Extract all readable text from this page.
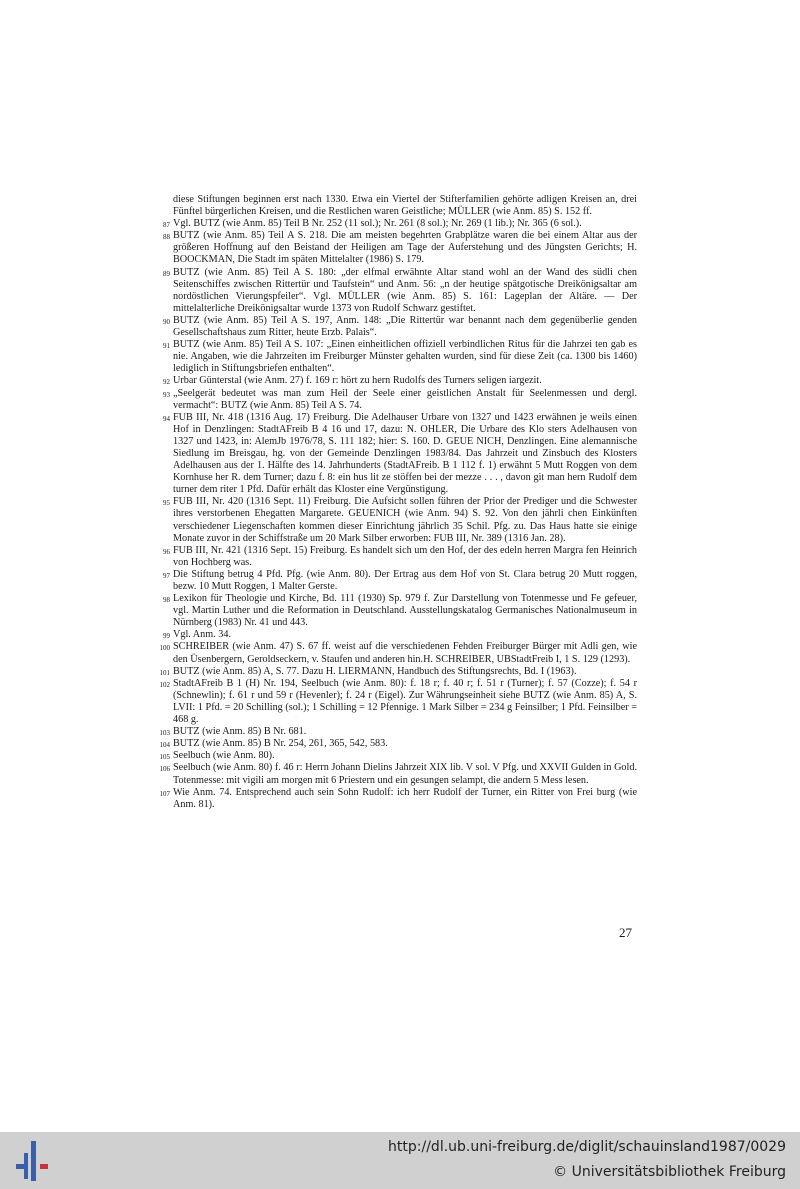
diese Stiftungen beginnen erst nach 1330. Etwa ein Viertel der Stifterfamilien gehörte adligen Kreisen an, drei Fünftel bürgerlichen Kreisen, und die Restlichen waren Geistliche; MÜLLER (wie Anm. 85) S. 152 ff.

87 Vgl. BUTZ (wie Anm. 85) Teil B Nr. 252 (11 sol.); Nr. 261 (8 sol.); Nr. 269 (1 lib.); Nr. 365 (6 sol.).

88 BUTZ (wie Anm. 85) Teil A S. 218. Die am meisten begehrten Grabplätze waren die bei einem Altar aus der größeren Hoffnung auf den Beistand der Heiligen am Tage der Auferstehung und des Jüngsten Gerichts; H. BOOCKMAN, Die Stadt im späten Mittelalter (1986) S. 179.

89 BUTZ (wie Anm. 85) Teil A S. 180: „der elfmal erwähnte Altar stand wohl an der Wand des südli chen Seitenschiffes zwischen Rittertür und Taufstein“ und Anm. 56: „n der heutige spätgotische Dreikönigsaltar am nordöstlichen Vierungspfeiler“. Vgl. MÜLLER (wie Anm. 85) S. 161: Lageplan der Altäre. — Der mittelalterliche Dreikönigsaltar wurde 1373 von Rudolf Schwarz gestiftet.

90 BUTZ (wie Anm. 85) Teil A S. 197, Anm. 148: „Die Rittertür war benannt nach dem gegenüberlie genden Gesellschaftshaus zum Ritter, heute Erzb. Palais“.

91 BUTZ (wie Anm. 85) Teil A S. 107: „Einen einheitlichen offiziell verbindlichen Ritus für die Jahrzei ten gab es nie. Angaben, wie die Jahrzeiten im Freiburger Münster gehalten wurden, sind für diese Zeit (ca. 1300 bis 1460) lediglich in Stiftungsbriefen enthalten“.

92 Urbar Günterstal (wie Anm. 27) f. 169 r: hört zu hern Rudolfs des Turners seligen iargezit.

93 „Seelgerät bedeutet was man zum Heil der Seele einer geistlichen Anstalt für Seelenmessen und dergl. vermacht“: BUTZ (wie Anm. 85) Teil A S. 74.

94 FUB III, Nr. 418 (1316 Aug. 17) Freiburg. Die Adelhauser Urbare von 1327 und 1423 erwähnen je weils einen Hof in Denzlingen: StadtAFreib B 4 16 und 17, dazu: N. OHLER, Die Urbare des Klo sters Adelhausen von 1327 und 1423, in: AlemJb 1976/78, S. 111 182; hier: S. 160. D. GEUE NICH, Denzlingen. Eine alemannische Siedlung im Breisgau, hg. von der Gemeinde Denzlingen 1983/84. Das Jahrzeit und Zinsbuch des Klosters Adelhausen aus der 1. Hälfte des 14. Jahrhunderts (StadtAFreib. B 1 112 f. 1) erwähnt 5 Mutt Roggen von dem Kornhuse her R. dem Turner; dazu f. 8: ein hus lit ze stöffen bei der mezze . . . , davon git man hern Rudolf dem turner dem riter 1 Pfd. Dafür erhält das Kloster eine Vergünstigung.

95 FUB III, Nr. 420 (1316 Sept. 11) Freiburg. Die Aufsicht sollen führen der Prior der Prediger und die Schwester ihres verstorbenen Ehegatten Margarete. GEUENICH (wie Anm. 94) S. 92. Von den jährli chen Einkünften verschiedener Liegenschaften kommen dieser Einrichtung jährlich 35 Schil. Pfg. zu. Das Haus hatte sie einige Monate zuvor in der Schiffstraße um 20 Mark Silber erworben: FUB III, Nr. 389 (1316 Jan. 28).

96 FUB III, Nr. 421 (1316 Sept. 15) Freiburg. Es handelt sich um den Hof, der des edeln herren Margra fen Heinrich von Hochberg was.

97 Die Stiftung betrug 4 Pfd. Pfg. (wie Anm. 80). Der Ertrag aus dem Hof von St. Clara betrug 20 Mutt roggen, bezw. 10 Mutt Roggen, 1 Malter Gerste.

98 Lexikon für Theologie und Kirche, Bd. 111 (1930) Sp. 979 f. Zur Darstellung von Totenmesse und Fe gefeuer, vgl. Martin Luther und die Reformation in Deutschland. Ausstellungskatalog Germanisches Nationalmuseum in Nürnberg (1983) Nr. 41 und 443.

99 Vgl. Anm. 34.

100 SCHREIBER (wie Anm. 47) S. 67 ff. weist auf die verschiedenen Fehden Freiburger Bürger mit Adli gen, wie den Üsenbergern, Geroldseckern, v. Staufen und anderen hin.H. SCHREIBER, UBStadtFreib I, 1 S. 129 (1293).

101 BUTZ (wie Anm. 85) A, S. 77. Dazu H. LIERMANN, Handbuch des Stiftungsrechts, Bd. I (1963).

102 StadtAFreib B 1 (H) Nr. 194, Seelbuch (wie Anm. 80): f. 18 r; f. 40 r; f. 51 r (Turner); f. 57 (Cozze); f. 54 r (Schnewlin); f. 61 r und 59 r (Hevenler); f. 24 r (Eigel). Zur Währungseinheit siehe BUTZ (wie Anm. 85) A, S. LVII: 1 Pfd. = 20 Schilling (sol.); 1 Schilling = 12 Pfennige. 1 Mark Silber = 234 g Feinsilber; 1 Pfd. Feinsilber = 468 g.

103 BUTZ (wie Anm. 85) B Nr. 681.

104 BUTZ (wie Anm. 85) B Nr. 254, 261, 365, 542, 583.

105 Seelbuch (wie Anm. 80).

106 Seelbuch (wie Anm. 80) f. 46 r: Herrn Johann Dielins Jahrzeit XIX lib. V sol. V Pfg. und XXVII Gulden in Gold. Totenmesse: mit vigili am morgen mit 6 Priestern und ein gesungen selampt, die andern 5 Mess lesen.

107 Wie Anm. 74. Entsprechend auch sein Sohn Rudolf: ich herr Rudolf der Turner, ein Ritter von Frei burg (wie Anm. 81).

27
http://dl.ub.uni-freiburg.de/diglit/schauinsland1987/0029
© Universitätsbibliothek Freiburg
